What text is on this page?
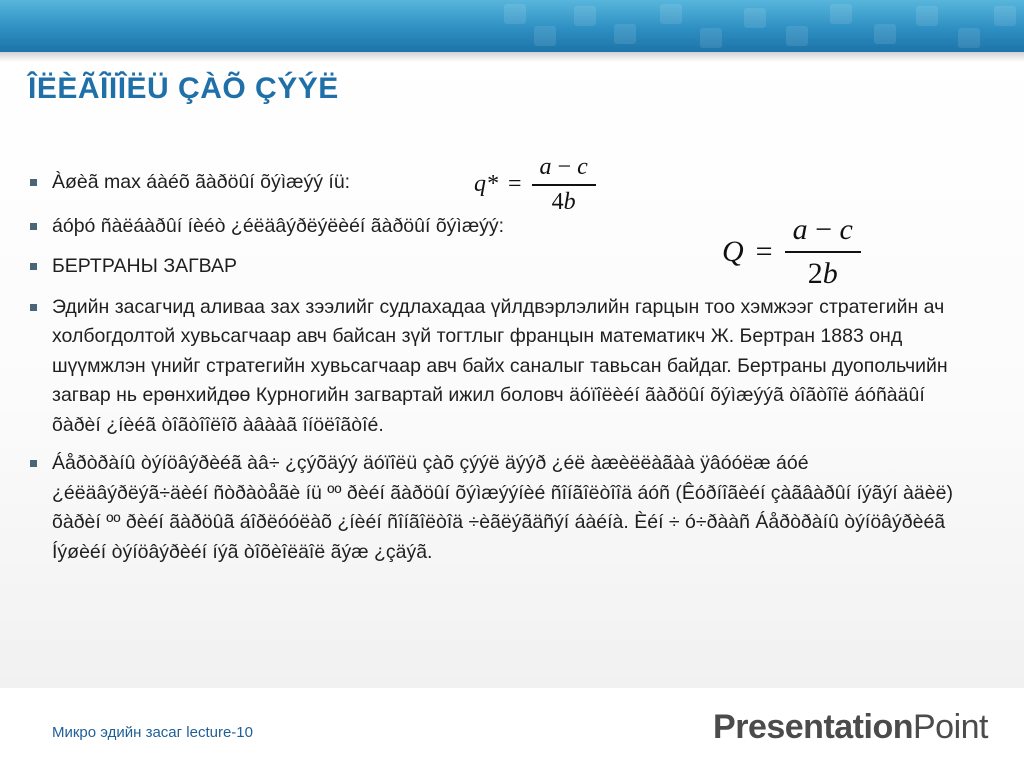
ÎËÈÃÎÏÎËÜ ÇÀÕ ÇÝÝË
Àøèã max áàéõ ãàðöûí õýìæýý íü:
áóþó ñàëáàðûí íèéò ¿éëäâýðëýëèéí ãàðöûí õýìæýý:
БЕРТРАНЫ ЗАГВАР
Эдийн засагчид аливаа зах зээлийг судлахадаа үйлдвэрлэлийн гарцын тоо хэмжээг стратегийн ач холбогдолтой хувьсагчаар авч байсан зүй тогтлыг францын математикч Ж. Бертран 1883 онд шүүмжлэн үнийг стратегийн хувьсагчаар авч байх саналыг тавьсан байдаг. Бертраны дуопольчийн загвар нь ерөнхийдөө Курногийн загвартай ижил боловч äóïîëèéí ãàðöûí õýìæýýã òîãòîîë áóñàäûí õàðèí ¿íèéã òîãòîîëîõ àâààã îíöëîãòîé.
Áåðòðàíû òýíöâýðèéã àâ÷ ¿çýõäýý äóïîëü çàõ çýýë äýýð ¿éë àæèëëàãàà ÿâóóëæ áóé ¿éëäâýðëýã÷äèéí ñòðàòåãè íü ºº ðèéí ãàðöûí õýìæýýíèé ñîíãîëòîîä áóñ (Êóðíîãèéí çàãâàðûí íýãýí àäèë) õàðèí ºº ðèéí ãàðöûã áîðëóóëàõ ¿íèéí ñîíãîëòîä ÷èãëýãäñýí áàéíà. Èéí ÷ ó÷ðààñ Áåðòðàíû òýíöâýðèéã Íýøèéí òýíöâýðèéí íýã òîõèîëäîë ãýæ ¿çäýã.
$q* = \frac{a - c}{4b}$
$Q = \frac{a - c}{2b}$
Микро эдийн засаг lecture-10	PresentationPoint
